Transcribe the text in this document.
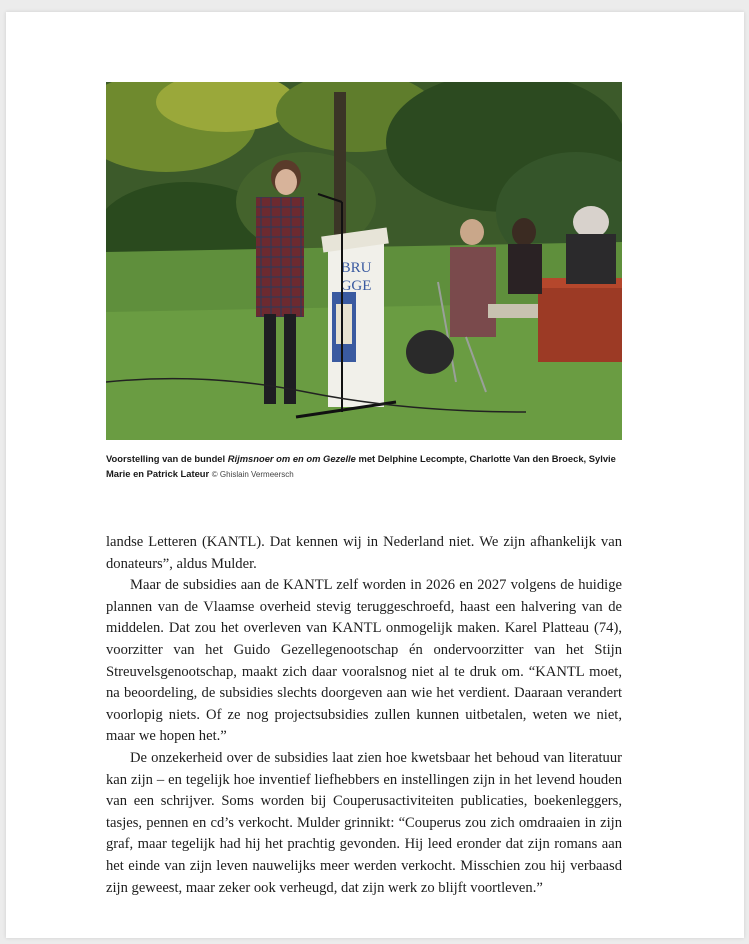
BRU
GGE
Voorstelling van de bundel Rijmsnoer om en om Gezelle met Delphine Lecompte, Charlotte Van den Broeck, Sylvie Marie en Patrick Lateur © Ghislain Vermeersch

landse Letteren (KANTL). Dat kennen wij in Nederland niet. We zijn afhankelijk van donateurs”, aldus Mulder.

Maar de subsidies aan de KANTL zelf worden in 2026 en 2027 volgens de huidige plannen van de Vlaamse overheid stevig teruggeschroefd, haast een halvering van de middelen. Dat zou het overleven van KANTL onmogelijk maken. Karel Platteau (74), voorzitter van het Guido Gezellegenootschap én ondervoorzitter van het Stijn Streuvelsgenootschap, maakt zich daar vooralsnog niet al te druk om. “KANTL moet, na beoordeling, de subsidies slechts doorgeven aan wie het verdient. Daaraan verandert voorlopig niets. Of ze nog projectsubsidies zullen kunnen uitbetalen, weten we niet, maar we hopen het.”

De onzekerheid over de subsidies laat zien hoe kwetsbaar het behoud van literatuur kan zijn – en tegelijk hoe inventief liefhebbers en instellingen zijn in het levend houden van een schrijver. Soms worden bij Couperusactiviteiten publicaties, boekenleggers, tasjes, pennen en cd’s verkocht. Mulder grinnikt: “Couperus zou zich omdraaien in zijn graf, maar tegelijk had hij het prachtig gevonden. Hij leed eronder dat zijn romans aan het einde van zijn leven nauwelijks meer werden verkocht. Misschien zou hij verbaasd zijn geweest, maar zeker ook verheugd, dat zijn werk zo blijft voortleven.”
